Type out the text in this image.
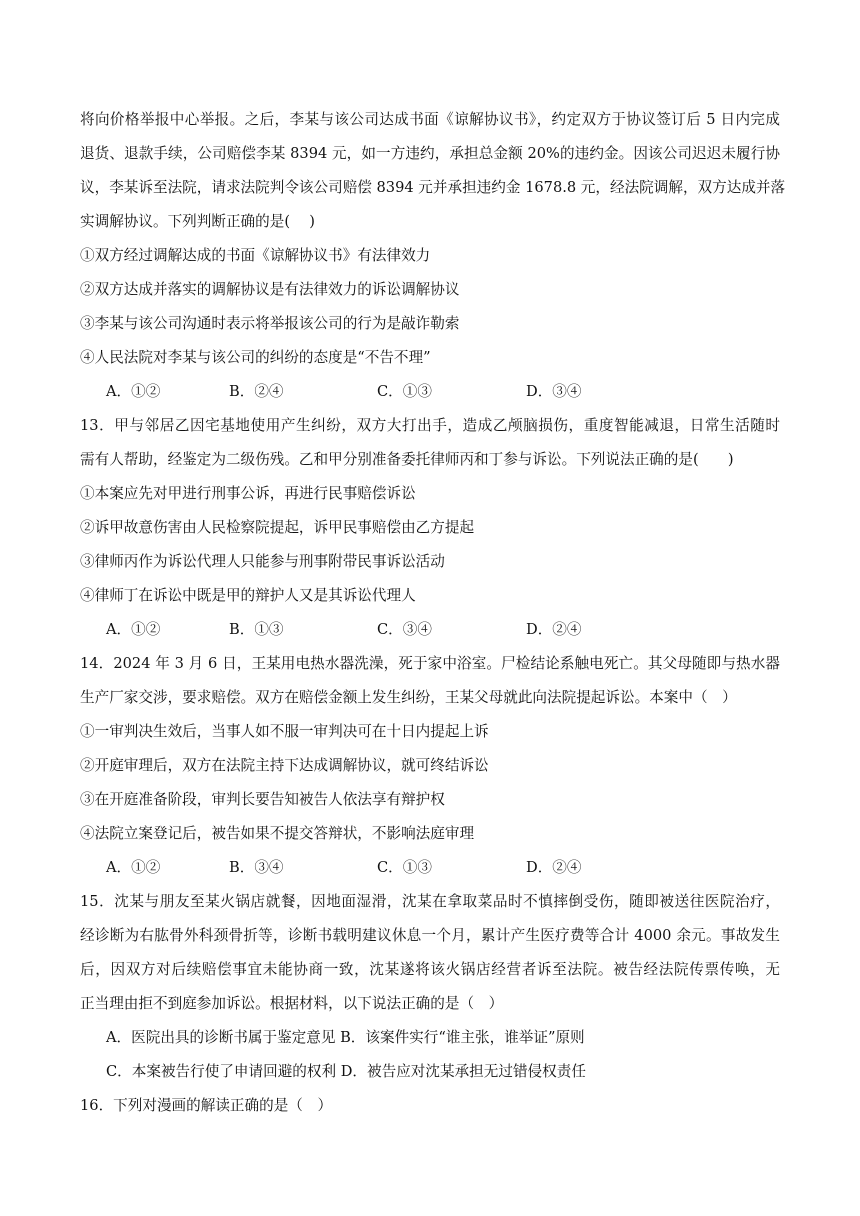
将向价格举报中心举报。之后，李某与该公司达成书面《谅解协议书》，约定双方于协议签订后 5 日内完成
退货、退款手续，公司赔偿李某 8394 元，如一方违约，承担总金额 20%的违约金。因该公司迟迟未履行协
议，李某诉至法院，请求法院判令该公司赔偿 8394 元并承担违约金 1678.8 元，经法院调解，双方达成并落
实调解协议。下列判断正确的是(　 )
①双方经过调解达成的书面《谅解协议书》有法律效力
②双方达成并落实的调解协议是有法律效力的诉讼调解协议
③李某与该公司沟通时表示将举报该公司的行为是敲诈勒索
④人民法院对李某与该公司的纠纷的态度是“不告不理”
A．①②	B．②④	C．①③	D．③④
13．甲与邻居乙因宅基地使用产生纠纷，双方大打出手，造成乙颅脑损伤，重度智能减退，日常生活随时
需有人帮助，经鉴定为二级伤残。乙和甲分别准备委托律师丙和丁参与诉讼。下列说法正确的是(　　)
①本案应先对甲进行刑事公诉，再进行民事赔偿诉讼
②诉甲故意伤害由人民检察院提起，诉甲民事赔偿由乙方提起
③律师丙作为诉讼代理人只能参与刑事附带民事诉讼活动
④律师丁在诉讼中既是甲的辩护人又是其诉讼代理人
A．①②	B．①③	C．③④	D．②④
14．2024 年 3 月 6 日，王某用电热水器洗澡，死于家中浴室。尸检结论系触电死亡。其父母随即与热水器
生产厂家交涉，要求赔偿。双方在赔偿金额上发生纠纷，王某父母就此向法院提起诉讼。本案中（　）
①一审判决生效后，当事人如不服一审判决可在十日内提起上诉
②开庭审理后，双方在法院主持下达成调解协议，就可终结诉讼
③在开庭准备阶段，审判长要告知被告人依法享有辩护权
④法院立案登记后，被告如果不提交答辩状，不影响法庭审理
A．①②	B．③④	C．①③	D．②④
15．沈某与朋友至某火锅店就餐，因地面湿滑，沈某在拿取菜品时不慎摔倒受伤，随即被送往医院治疗，
经诊断为右肱骨外科颈骨折等，诊断书载明建议休息一个月，累计产生医疗费等合计 4000 余元。事故发生
后，因双方对后续赔偿事宜未能协商一致，沈某遂将该火锅店经营者诉至法院。被告经法院传票传唤，无
正当理由拒不到庭参加诉讼。根据材料，以下说法正确的是（　）
A．医院出具的诊断书属于鉴定意见 B．该案件实行“谁主张，谁举证”原则
C．本案被告行使了申请回避的权利 D．被告应对沈某承担无过错侵权责任
16．下列对漫画的解读正确的是（　）
